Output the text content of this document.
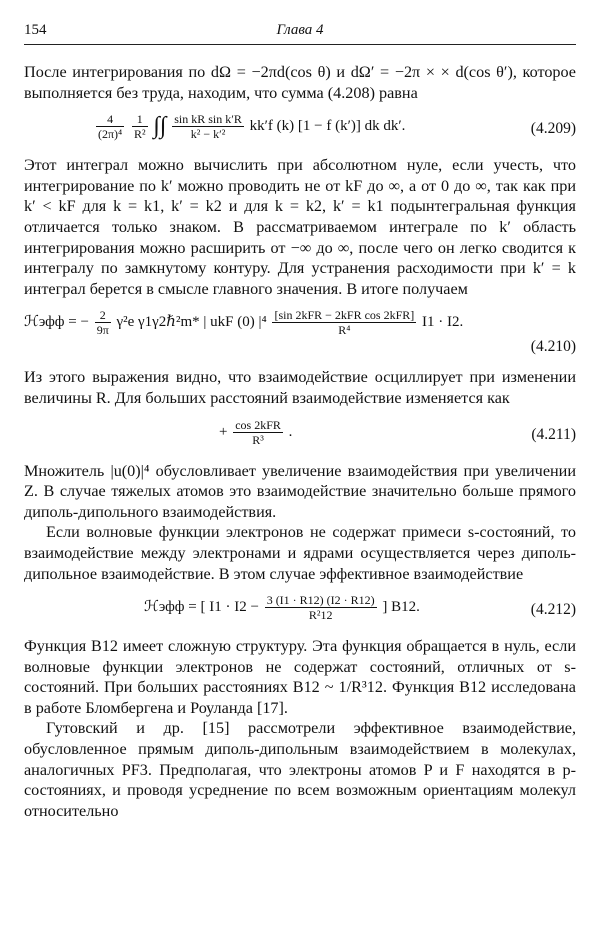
154	Глава 4

После интегрирования по dΩ = −2πd(cos θ) и dΩ′ = −2π × × d(cos θ′), которое выполняется без труда, находим, что сумма (4.208) равна

$\frac{4}{\text{(2π)⁴}}$
$\frac{1}{\text{R²}}$ ∫∫ $\frac{\text{sin kR sin k′R}}{\text{k² − k′²}} kk'f$ (k) [1 − f (k′)] dk dk′.	(4.209)

Этот интеграл можно вычислить при абсолютном нуле, если учесть, что интегрирование по k′ можно проводить не от kF до ∞, а от 0 до ∞, так как при k′ < kF для k = k1, k′ = k2 и для k = k2, k′ = k1 подынтегральная функция отличается только знаком. В рассматриваемом интеграле по k′ область интегрирования можно расширить от −∞ до ∞, после чего он легко сводится к интегралу по замкнутому контуру. Для устранения расходимости при k′ = k интеграл берется в смысле главного значения. В итоге получаем

ℋэфф = − $\frac{2}{9\pi} \gamma^2e$ γ1γ2ℏ²m* | ukF (0) $|^4 \frac{\text{[sin 2kFR − 2kFR cos 2kFR]}}{\text{R⁴}} I1 \cdot I2$.
(4.210)

Из этого выражения видно, что взаимодействие осциллирует при изменении величины R. Для больших расстояний взаимодействие изменяется как

+ $\frac{\text{cos 2kFR}}{\text{R³}}$ .	(4.211)

Множитель |u(0)|⁴ обусловливает увеличение взаимодействия при увеличении Z. В случае тяжелых атомов это взаимодействие значительно больше прямого диполь-дипольного взаимодействия.

Если волновые функции электронов не содержат примеси s-состояний, то взаимодействие между электронами и ядрами осуществляется через диполь-дипольное взаимодействие. В этом случае эффективное взаимодействие

ℋэфф = [ $I1 \cdot I2 - \frac{3 (I1 \cdot R12) (I2 \cdot R12)}{\text{R²12}}$ ] B12.	(4.212)

Функция B12 имеет сложную структуру. Эта функция обращается в нуль, если волновые функции электронов не содержат состояний, отличных от s-состояний. При больших расстояниях B12 ~ 1/R³12. Функция B12 исследована в работе Бломбергена и Роуланда [17].

Гутовский и др. [15] рассмотрели эффективное взаимодействие, обусловленное прямым диполь-дипольным взаимодействием в молекулах, аналогичных PF3. Предполагая, что электроны атомов P и F находятся в p-состояниях, и проводя усреднение по всем возможным ориентациям молекул относительно
